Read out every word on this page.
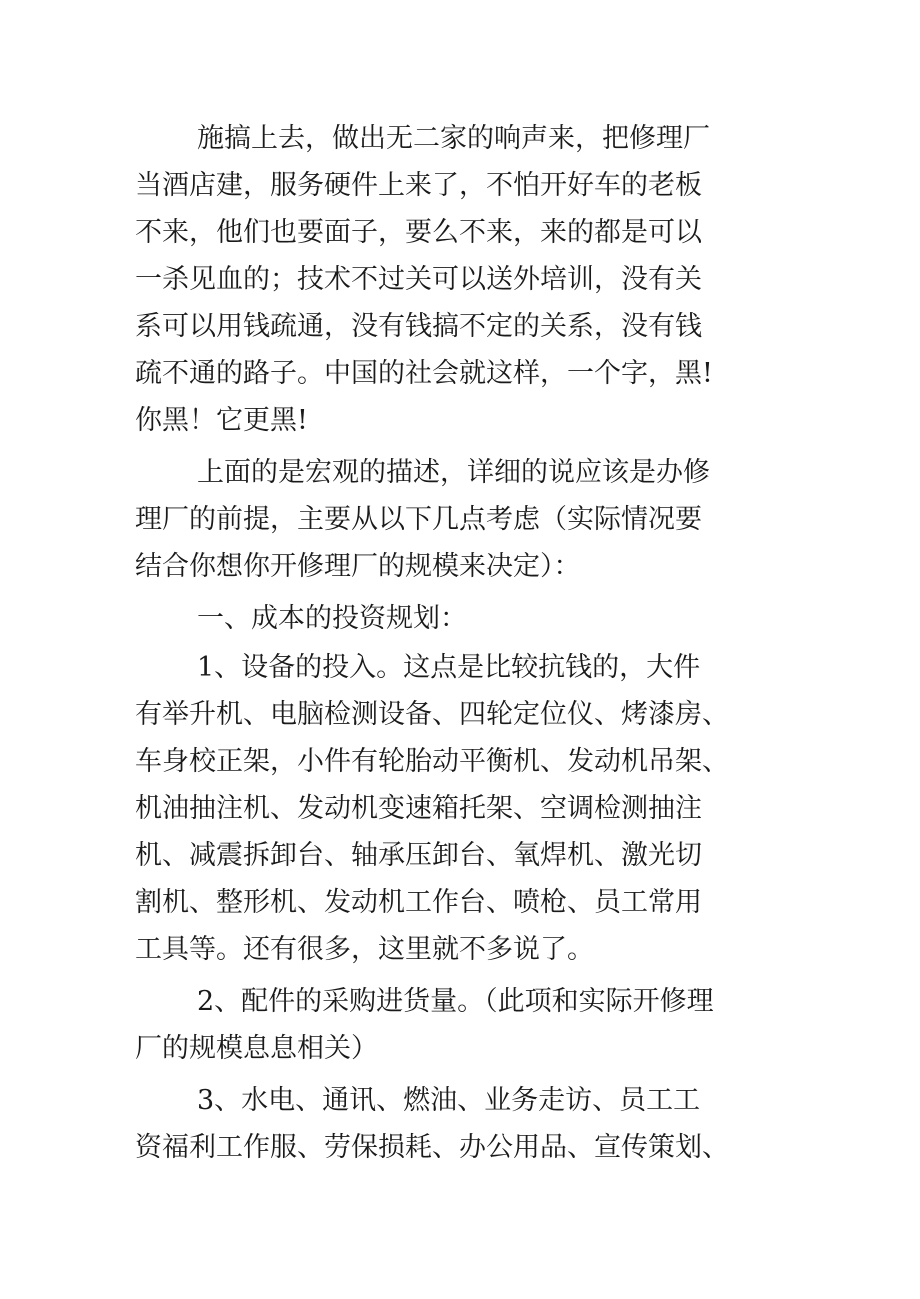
施搞上去，做出无二家的响声来，把修理厂
当酒店建，服务硬件上来了，不怕开好车的老板
不来，他们也要面子，要么不来，来的都是可以
一杀见血的；技术不过关可以送外培训，没有关
系可以用钱疏通，没有钱搞不定的关系，没有钱
疏不通的路子。中国的社会就这样，一个字，黑!
你黑！它更黑!
上面的是宏观的描述，详细的说应该是办修
理厂的前提，主要从以下几点考虑（实际情况要
结合你想你开修理厂的规模来决定）：
一、成本的投资规划：
1、设备的投入。这点是比较抗钱的，大件
有举升机、电脑检测设备、四轮定位仪、烤漆房、
车身校正架，小件有轮胎动平衡机、发动机吊架、
机油抽注机、发动机变速箱托架、空调检测抽注
机、减震拆卸台、轴承压卸台、氧焊机、激光切
割机、整形机、发动机工作台、喷枪、员工常用
工具等。还有很多，这里就不多说了。
2、配件的采购进货量。（此项和实际开修理
厂的规模息息相关）
3、水电、通讯、燃油、业务走访、员工工
资福利工作服、劳保损耗、办公用品、宣传策划、
